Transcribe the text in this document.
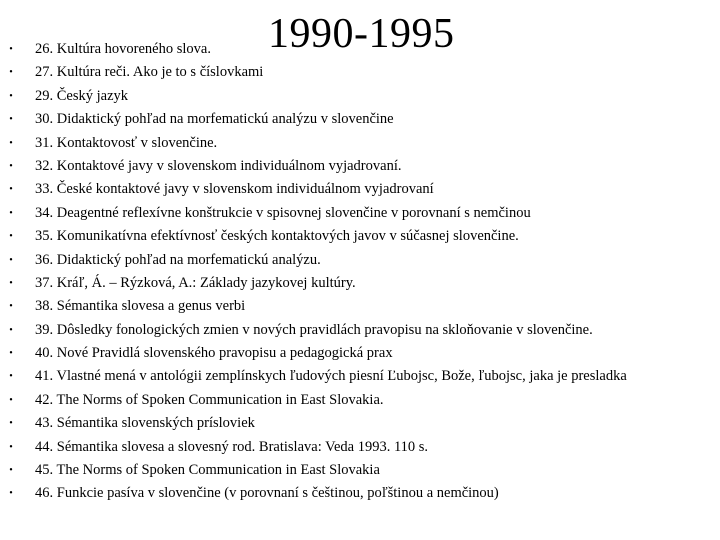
1990-1995
• 26. Kultúra hovoreného slova.
• 27. Kultúra reči. Ako je to s číslovkami
• 29. Český jazyk
• 30. Didaktický pohľad na morfematickú analýzu v slovenčine
• 31. Kontaktovosť v slovenčine.
• 32. Kontaktové javy v slovenskom individuálnom vyjadrovaní.
• 33. České kontaktové javy v slovenskom individuálnom vyjadrovaní
• 34. Deagentné reflexívne konštrukcie v spisovnej slovenčine v porovnaní s nemčinou
• 35. Komunikatívna efektívnosť českých kontaktových javov v súčasnej slovenčine.
• 36. Didaktický pohľad na morfematickú analýzu.
• 37. Kráľ, Á. – Rýzková, A.: Základy jazykovej kultúry.
• 38. Sémantika slovesa a genus verbi
• 39. Dôsledky fonologických zmien v nových pravidlách pravopisu na skloňovanie v slovenčine.
• 40. Nové Pravidlá slovenského pravopisu a pedagogická prax
• 41. Vlastné mená v antológii zemplínskych ľudových piesní Ľubojsc, Bože, ľubojsc, jaka je presladka
• 42. The Norms of Spoken Communication in East Slovakia.
• 43. Sémantika slovenských prísloviek
• 44. Sémantika slovesa a slovesný rod. Bratislava: Veda 1993. 110 s.
• 45. The Norms of Spoken Communication in East Slovakia
• 46. Funkcie pasíva v slovenčine (v porovnaní s češtinou, poľštinou a nemčinou)
